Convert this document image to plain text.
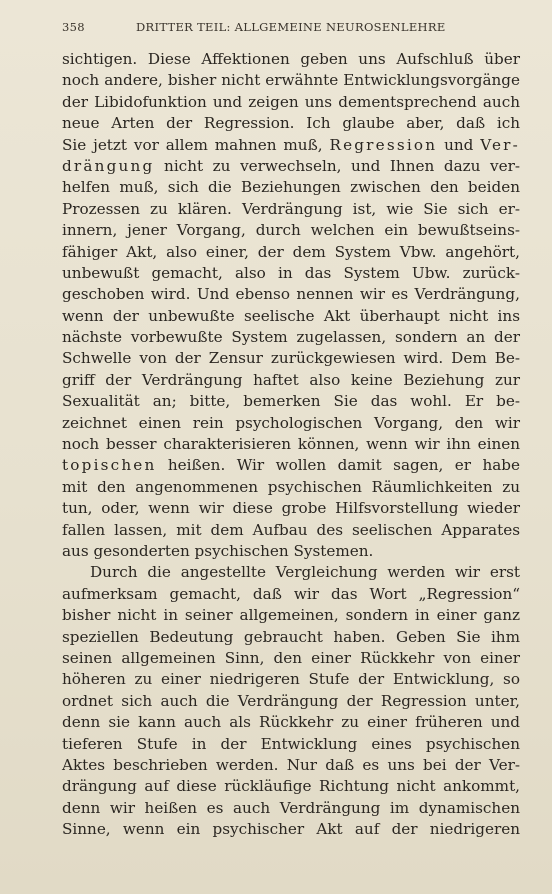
358	DRITTER TEIL: ALLGEMEINE NEUROSENLEHRE
sichtigen. Diese Affektionen geben uns Aufschluß über
noch andere, bisher nicht erwähnte Entwicklungsvorgänge
der Libidofunktion und zeigen uns dementsprechend auch
neue Arten der Regression. Ich glaube aber, daß ich
Sie jetzt vor allem mahnen muß, Regression und Ver-
drängung nicht zu verwechseln, und Ihnen dazu ver-
helfen muß, sich die Beziehungen zwischen den beiden
Prozessen zu klären. Verdrängung ist, wie Sie sich er-
innern, jener Vorgang, durch welchen ein bewußtseins-
fähiger Akt, also einer, der dem System Vbw. angehört,
unbewußt gemacht, also in das System Ubw. zurück-
geschoben wird. Und ebenso nennen wir es Verdrängung,
wenn der unbewußte seelische Akt überhaupt nicht ins
nächste vorbewußte System zugelassen, sondern an der
Schwelle von der Zensur zurückgewiesen wird. Dem Be-
griff der Verdrängung haftet also keine Beziehung zur
Sexualität an; bitte, bemerken Sie das wohl. Er be-
zeichnet einen rein psychologischen Vorgang, den wir
noch besser charakterisieren können, wenn wir ihn einen
topischen heißen. Wir wollen damit sagen, er habe
mit den angenommenen psychischen Räumlichkeiten zu
tun, oder, wenn wir diese grobe Hilfsvorstellung wieder
fallen lassen, mit dem Aufbau des seelischen Apparates
aus gesonderten psychischen Systemen.
Durch die angestellte Vergleichung werden wir erst
aufmerksam gemacht, daß wir das Wort „Regression“
bisher nicht in seiner allgemeinen, sondern in einer ganz
speziellen Bedeutung gebraucht haben. Geben Sie ihm
seinen allgemeinen Sinn, den einer Rückkehr von einer
höheren zu einer niedrigeren Stufe der Entwicklung, so
ordnet sich auch die Verdrängung der Regression unter,
denn sie kann auch als Rückkehr zu einer früheren und
tieferen Stufe in der Entwicklung eines psychischen
Aktes beschrieben werden. Nur daß es uns bei der Ver-
drängung auf diese rückläufige Richtung nicht ankommt,
denn wir heißen es auch Verdrängung im dynamischen
Sinne, wenn ein psychischer Akt auf der niedrigeren
